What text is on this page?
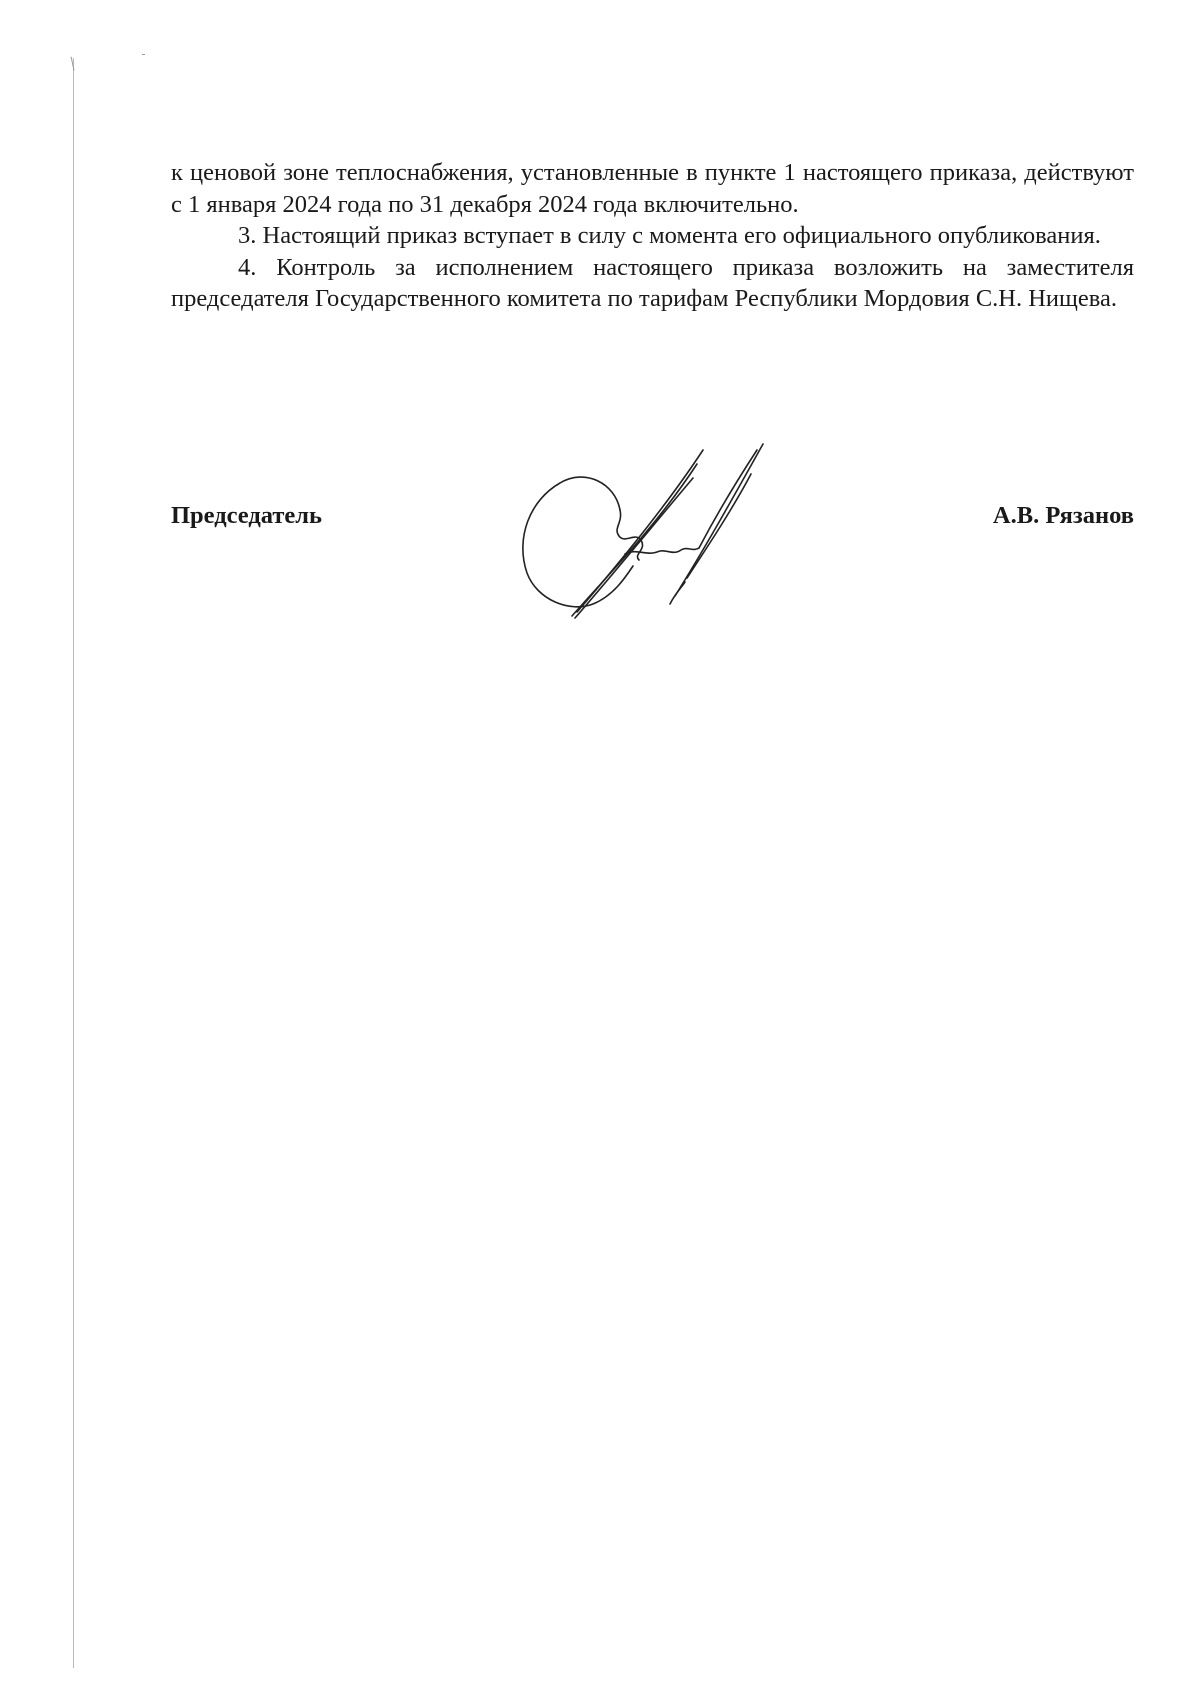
к ценовой зоне теплоснабжения, установленные в пункте 1 настоящего приказа, действуют с 1 января 2024 года по 31 декабря 2024 года включительно.

3. Настоящий приказ вступает в силу с момента его официального опубликования.

4. Контроль за исполнением настоящего приказа возложить на заместителя председателя Государственного комитета по тарифам Республики Мордовия С.Н. Нищева.

Председатель	А.В. Рязанов
